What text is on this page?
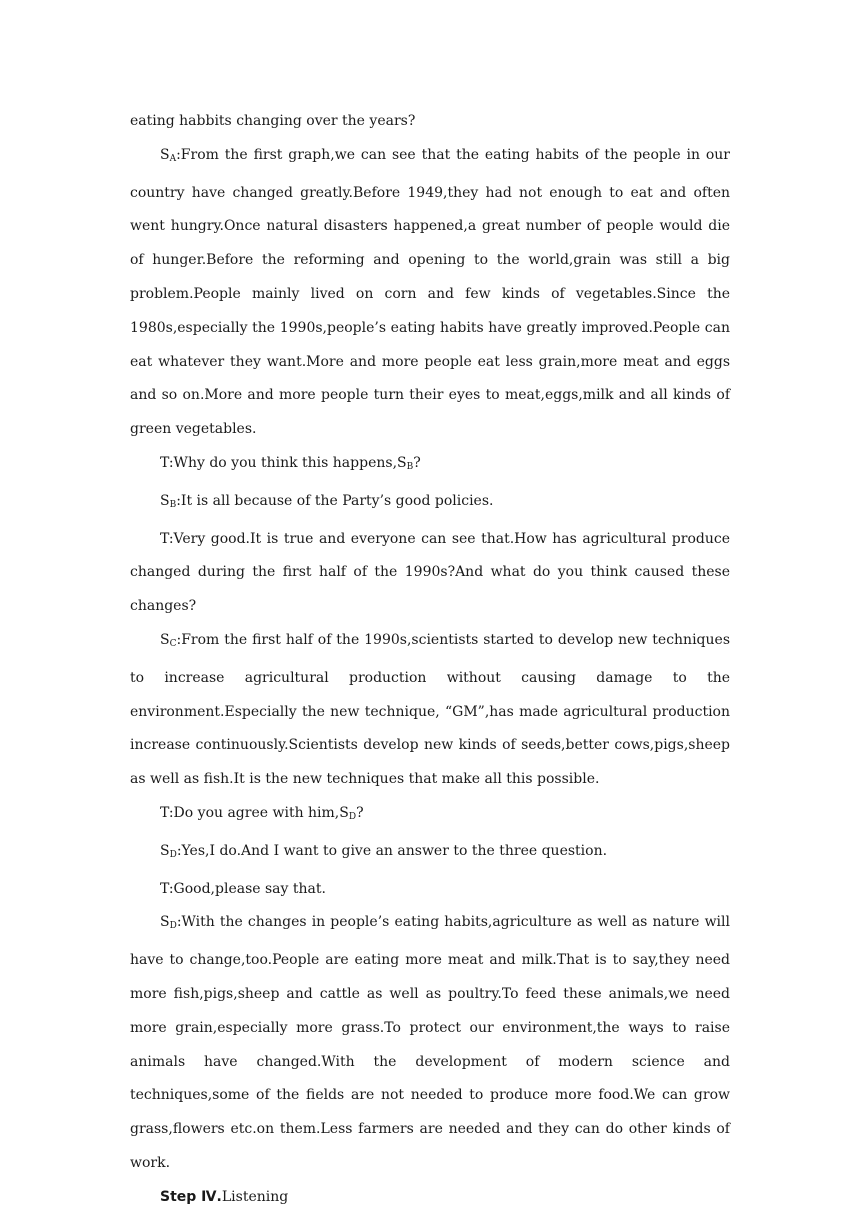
eating habbits changing over the years?

$S_A:From$ the first graph,we can see that the eating habits of the people in our country have changed greatly.Before 1949,they had not enough to eat and often went hungry.Once natural disasters happened,a great number of people would die of hunger.Before the reforming and opening to the world,grain was still a big problem.People mainly lived on corn and few kinds of vegetables.Since the 1980s,especially the 1990s,people’s eating habits have greatly improved.People can eat whatever they want.More and more people eat less grain,more meat and eggs and so on.More and more people turn their eyes to meat,eggs,milk and all kinds of green vegetables.

T:Why do you think this $happens,S_B$?

$S_B:It$ is all because of the Party’s good policies.

T:Very good.It is true and everyone can see that.How has agricultural produce changed during the first half of the 1990s?And what do you think caused these changes?

$S_C:From$ the first half of the 1990s,scientists started to develop new techniques to increase agricultural production without causing damage to the environment.Especially the new technique, “GM”,has made agricultural production increase continuously.Scientists develop new kinds of seeds,better cows,pigs,sheep as well as fish.It is the new techniques that make all this possible.

T:Do you agree with $him,S_D$?

$S_D:Yes,I$ do.And I want to give an answer to the three question.

T:Good,please say that.

$S_D:With$ the changes in people’s eating habits,agriculture as well as nature will have to change,too.People are eating more meat and milk.That is to say,they need more fish,pigs,sheep and cattle as well as poultry.To feed these animals,we need more grain,especially more grass.To protect our environment,the ways to raise animals have changed.With the development of modern science and techniques,some of the fields are not needed to produce more food.We can grow grass,flowers etc.on them.Less farmers are needed and they can do other kinds of work.

Step Ⅳ.Listening
